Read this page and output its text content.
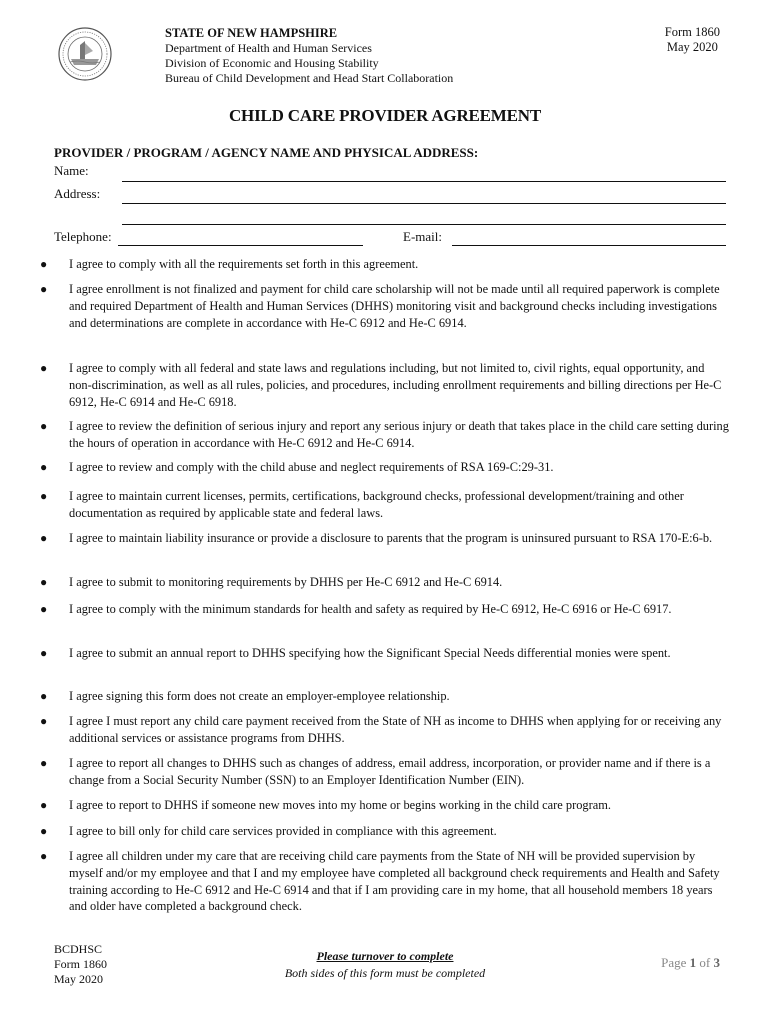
STATE OF NEW HAMPSHIRE
Department of Health and Human Services
Division of Economic and Housing Stability
Bureau of Child Development and Head Start Collaboration
Form 1860
May 2020
CHILD CARE PROVIDER AGREEMENT
PROVIDER / PROGRAM / AGENCY NAME AND PHYSICAL ADDRESS:
Name:
Address:
Telephone:	E-mail:
● I agree to comply with all the requirements set forth in this agreement.
● I agree enrollment is not finalized and payment for child care scholarship will not be made until all required paperwork is complete and required Department of Health and Human Services (DHHS) monitoring visit and background checks including investigations and determinations are complete in accordance with He-C 6912 and He-C 6914.
● I agree to comply with all federal and state laws and regulations including, but not limited to, civil rights, equal opportunity, and non-discrimination, as well as all rules, policies, and procedures, including enrollment requirements and billing directions per He-C 6912, He-C 6914 and He-C 6918.
● I agree to review the definition of serious injury and report any serious injury or death that takes place in the child care setting during the hours of operation in accordance with He-C 6912 and He-C 6914.
● I agree to review and comply with the child abuse and neglect requirements of RSA 169-C:29-31.
● I agree to maintain current licenses, permits, certifications, background checks, professional development/training and other documentation as required by applicable state and federal laws.
● I agree to maintain liability insurance or provide a disclosure to parents that the program is uninsured pursuant to RSA 170-E:6-b.
● I agree to submit to monitoring requirements by DHHS per He-C 6912 and He-C 6914.
● I agree to comply with the minimum standards for health and safety as required by He-C 6912, He-C 6916 or He-C 6917.
● I agree to submit an annual report to DHHS specifying how the Significant Special Needs differential monies were spent.
● I agree signing this form does not create an employer-employee relationship.
● I agree I must report any child care payment received from the State of NH as income to DHHS when applying for or receiving any additional services or assistance programs from DHHS.
● I agree to report all changes to DHHS such as changes of address, email address, incorporation, or provider name and if there is a change from a Social Security Number (SSN) to an Employer Identification Number (EIN).
● I agree to report to DHHS if someone new moves into my home or begins working in the child care program.
● I agree to bill only for child care services provided in compliance with this agreement.
● I agree all children under my care that are receiving child care payments from the State of NH will be provided supervision by myself and/or my employee and that I and my employee have completed all background check requirements and Health and Safety training according to He-C 6912 and He-C 6914 and that if I am providing care in my home, that all household members 18 years and older have completed a background check.
BCDHSC
Form 1860
May 2020
Please turnover to complete
Both sides of this form must be completed
Page 1 of 3
